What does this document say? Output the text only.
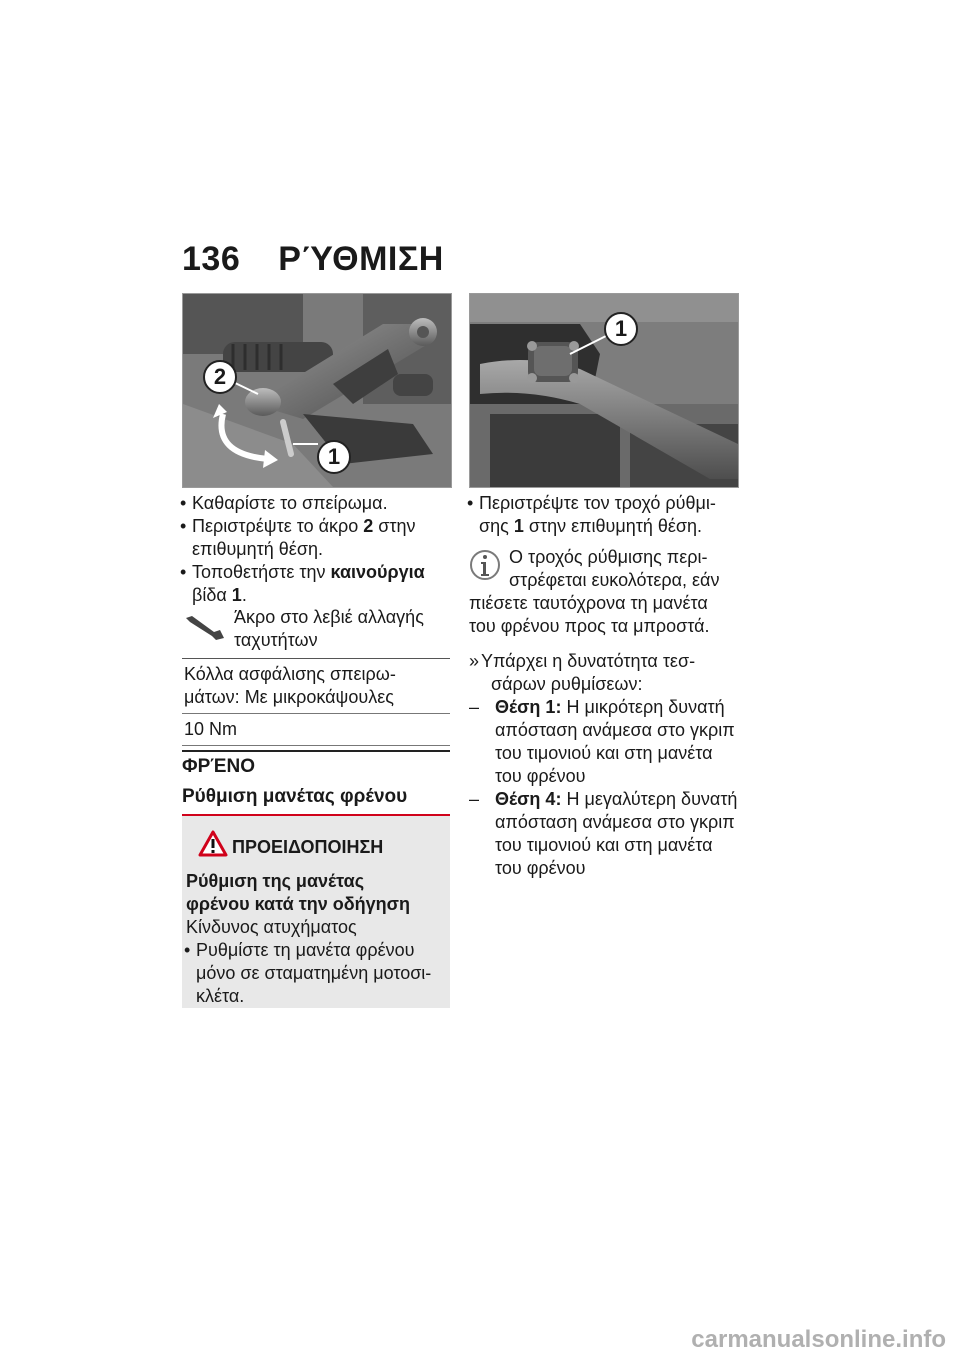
136 ΡΎΘΜΙΣΗ
2
1
1
• Καθαρίστε το σπείρωμα.
• Περιστρέψτε το άκρο 2 στην
επιθυμητή θέση.
• Τοποθετήστε την καινούργια
βίδα 1.
Άκρο στο λεβιέ αλλαγής
ταχυτήτων
Κόλλα ασφάλισης σπειρω-
μάτων: Με μικροκάψουλες
10 Nm
ΦΡΈΝΟ
Ρύθμιση μανέτας φρένου
ΠΡΟΕΙΔΟΠΟΙΗΣΗ
Ρύθμιση της μανέτας
φρένου κατά την οδήγηση
Κίνδυνος ατυχήματος
• Ρυθμίστε τη μανέτα φρένου
μόνο σε σταματημένη μοτοσι-
κλέτα.
• Περιστρέψτε τον τροχό ρύθμι-
σης 1 στην επιθυμητή θέση.
Ο τροχός ρύθμισης περι-
στρέφεται ευκολότερα, εάν
πιέσετε ταυτόχρονα τη μανέτα
του φρένου προς τα μπροστά.
» Υπάρχει η δυνατότητα τεσ-
σάρων ρυθμίσεων:
– Θέση 1: Η μικρότερη δυνατή
απόσταση ανάμεσα στο γκριπ
του τιμονιού και στη μανέτα
του φρένου
– Θέση 4: Η μεγαλύτερη δυνατή
απόσταση ανάμεσα στο γκριπ
του τιμονιού και στη μανέτα
του φρένου
carmanualsonline.info
